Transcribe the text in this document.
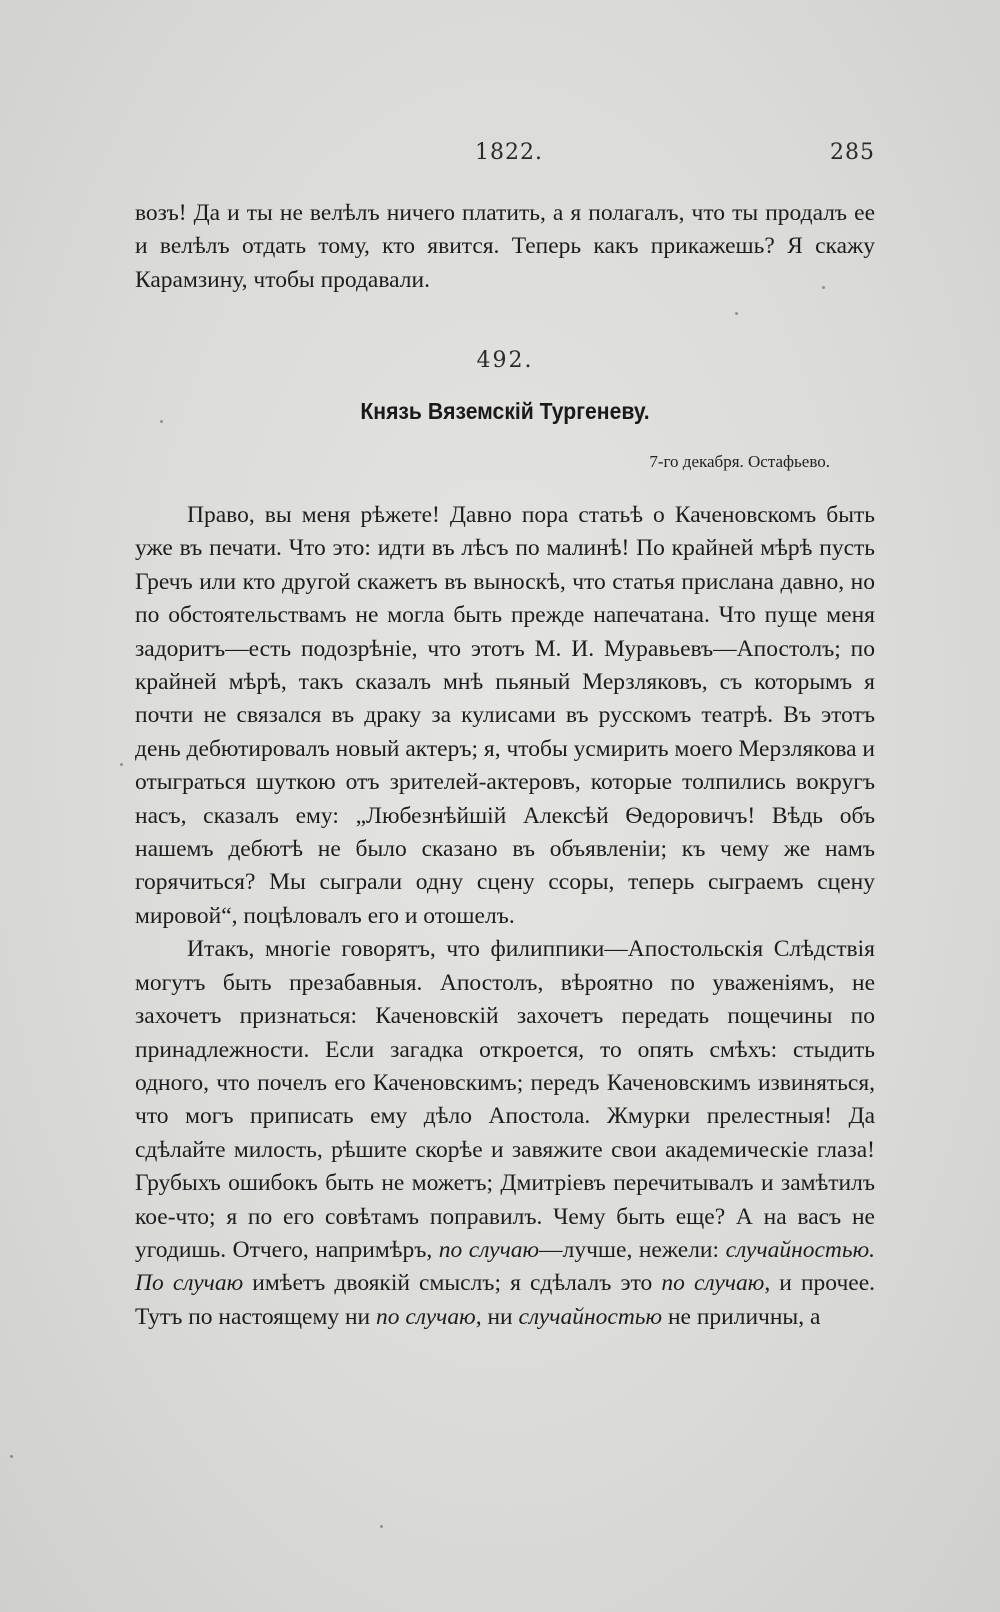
1822.	285

возъ! Да и ты не велѣлъ ничего платить, а я полагалъ, что ты продалъ ее и велѣлъ отдать тому, кто явится. Теперь какъ прикажешь? Я скажу Карамзину, чтобы продавали.

492.
Князь Вяземскій Тургеневу.
7-го декабря. Остафьево.

Право, вы меня рѣжете! Давно пора статьѣ о Каченовскомъ быть уже въ печати. Что это: идти въ лѣсъ по малинѣ! По крайней мѣрѣ пусть Гречъ или кто другой скажетъ въ выноскѣ, что статья прислана давно, но по обстоятельствамъ не могла быть прежде напечатана. Что пуще меня задоритъ—есть подозрѣніе, что этотъ М. И. Муравьевъ—Апостолъ; по крайней мѣрѣ, такъ сказалъ мнѣ пьяный Мерзляковъ, съ которымъ я почти не связался въ драку за кулисами въ русскомъ театрѣ. Въ этотъ день дебютировалъ новый актеръ; я, чтобы усмирить моего Мерзлякова и отыграться шуткою отъ зрителей-актеровъ, которые толпились вокругъ насъ, сказалъ ему: „Любезнѣйшій Алексѣй Ѳедоровичъ! Вѣдь объ нашемъ дебютѣ не было сказано въ объявленіи; къ чему же намъ горячиться? Мы сыграли одну сцену ссоры, теперь сыграемъ сцену мировой“, поцѣловалъ его и отошелъ.

Итакъ, многіе говорятъ, что филиппики—Апостольскія Слѣдствія могутъ быть презабавныя. Апостолъ, вѣроятно по уваженіямъ, не захочетъ признаться: Каченовскій захочетъ передать пощечины по принадлежности. Если загадка откроется, то опять смѣхъ: стыдить одного, что почелъ его Каченовскимъ; передъ Каченовскимъ извиняться, что могъ приписать ему дѣло Апостола. Жмурки прелестныя! Да сдѣлайте милость, рѣшите скорѣе и завяжите свои академическіе глаза! Грубыхъ ошибокъ быть не можетъ; Дмитріевъ перечитывалъ и замѣтилъ кое-что; я по его совѣтамъ поправилъ. Чему быть еще? А на васъ не угодишь. Отчего, напримѣръ, по случаю—лучше, нежели: случайностью. По случаю имѣетъ двоякій смыслъ; я сдѣлалъ это по случаю, и прочее. Тутъ по настоящему ни по случаю, ни случайностью не приличны, а
